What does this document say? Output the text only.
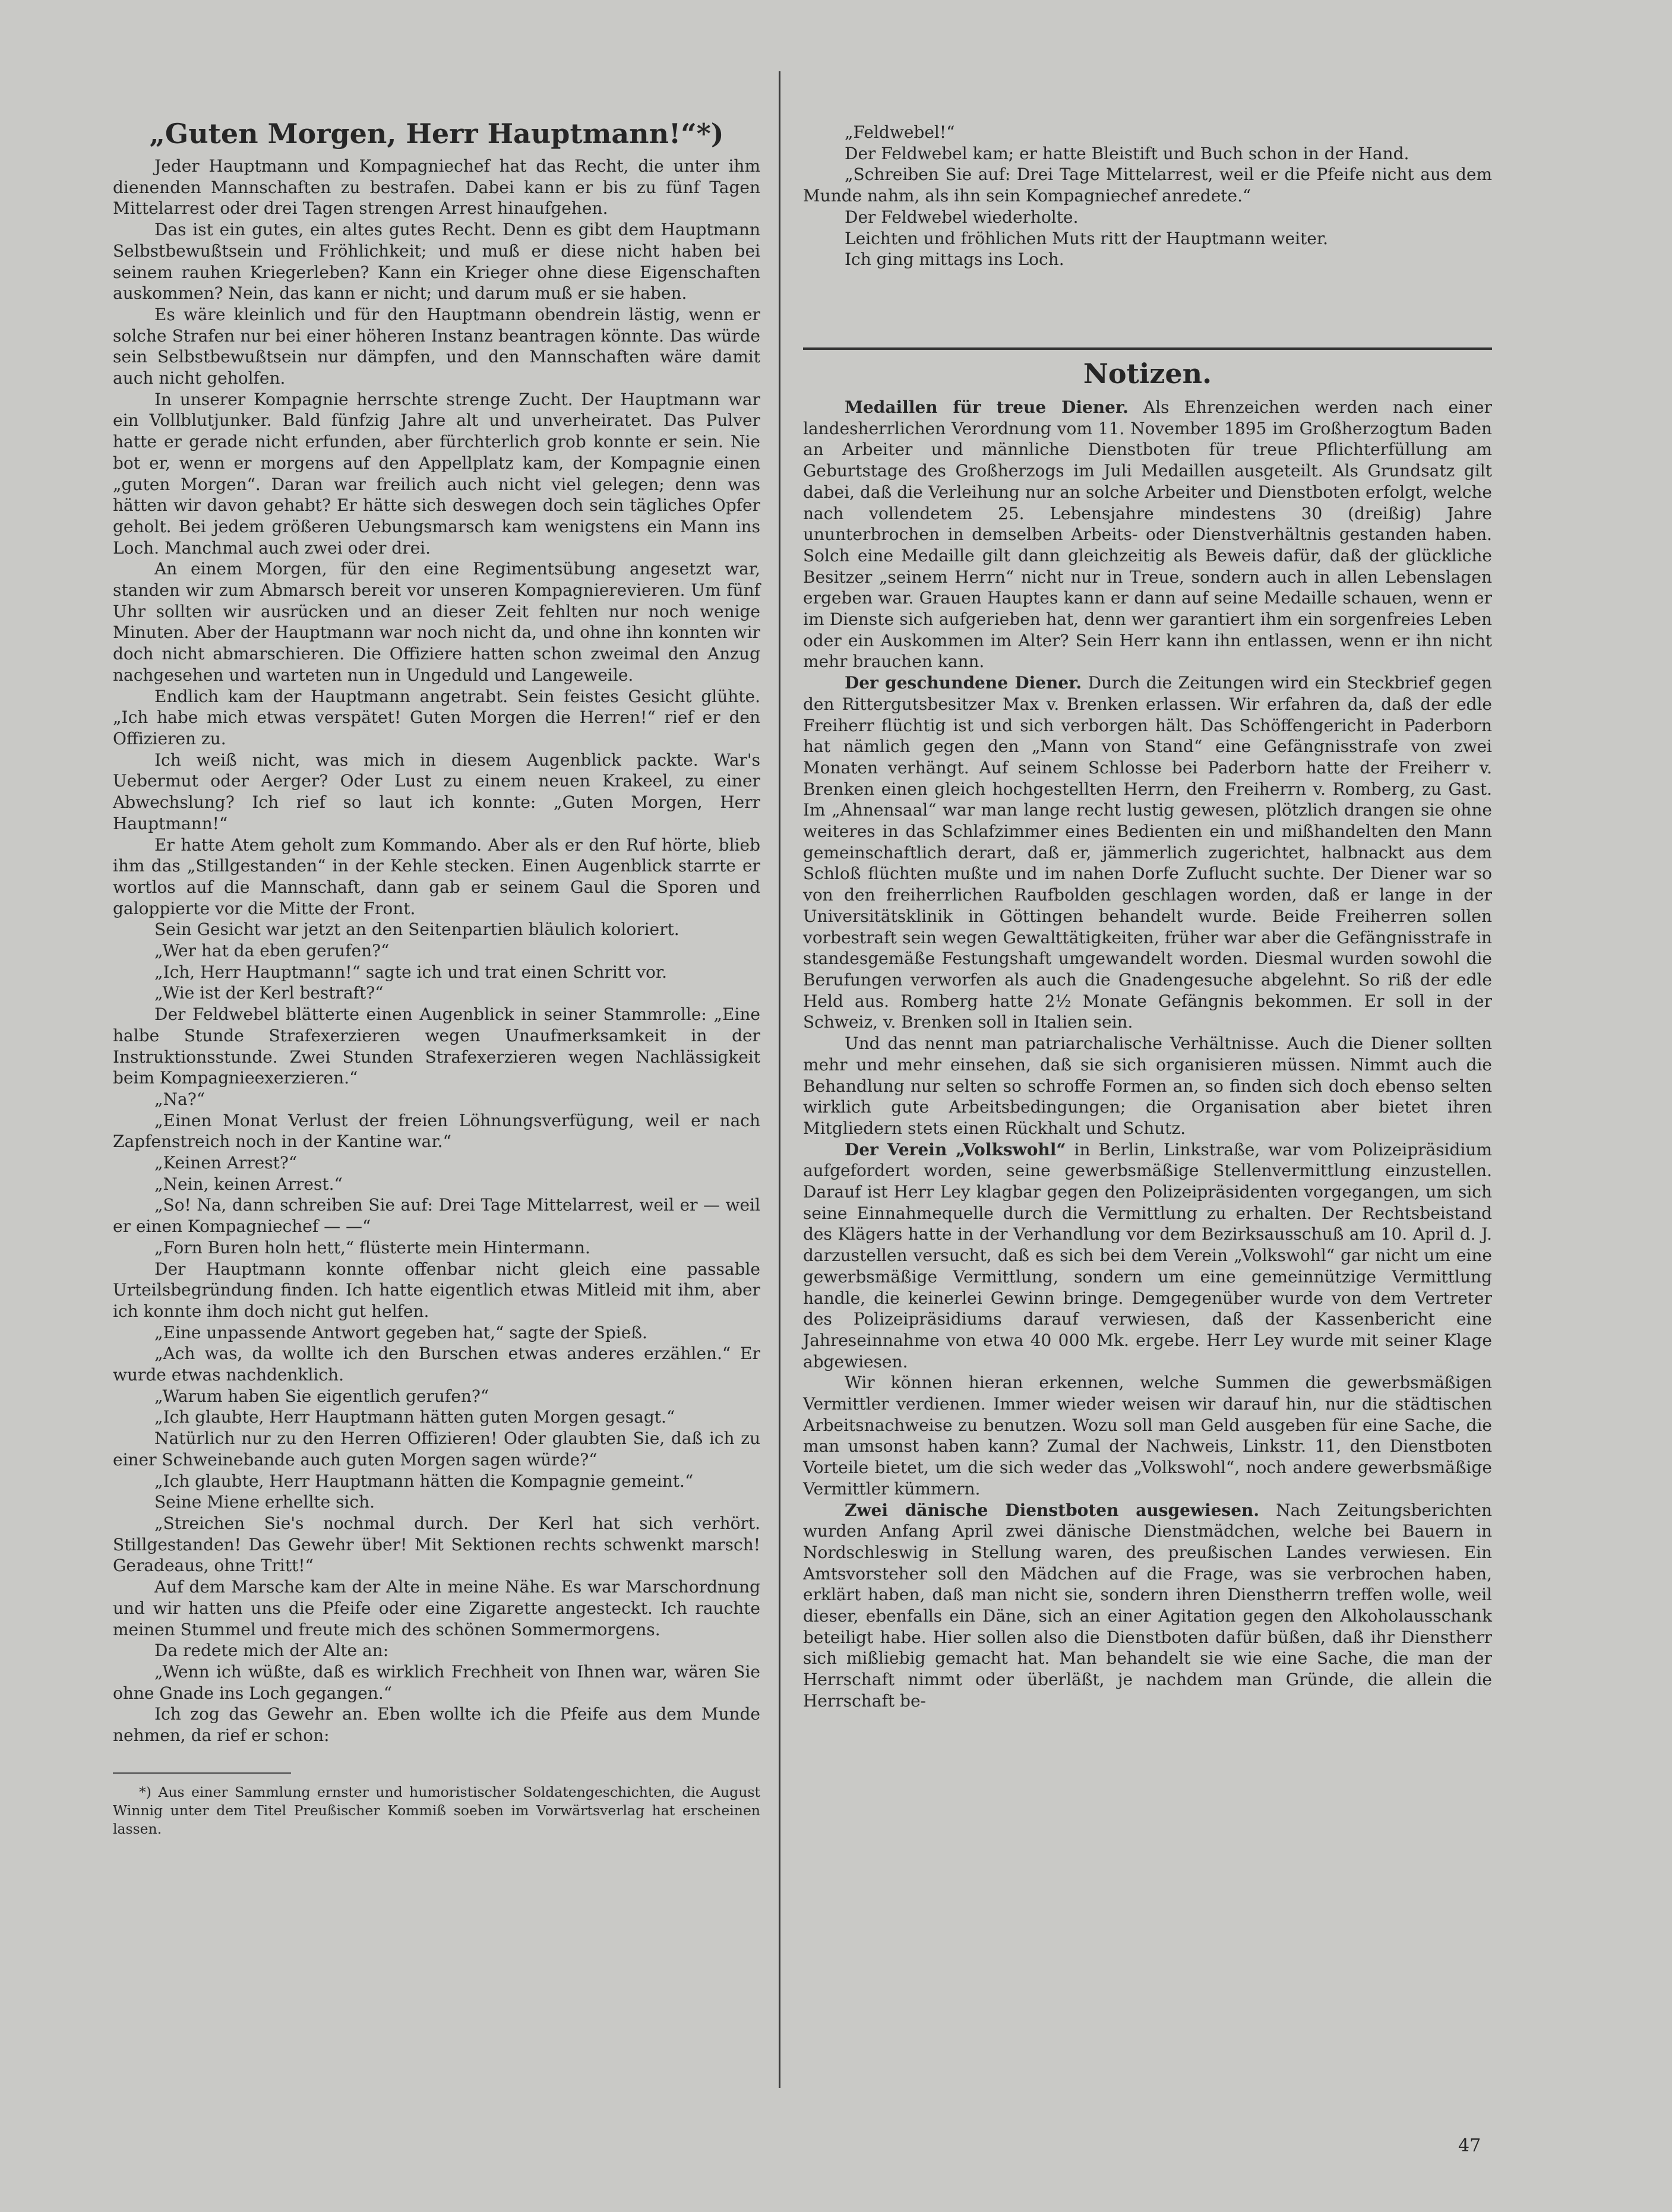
„Guten Morgen, Herr Hauptmann!“*)

Jeder Hauptmann und Kompagniechef hat das Recht, die unter ihm dienenden Mannschaften zu bestrafen. Dabei kann er bis zu fünf Tagen Mittelarrest oder drei Tagen strengen Arrest hinaufgehen.

Das ist ein gutes, ein altes gutes Recht. Denn es gibt dem Hauptmann Selbstbewußtsein und Fröhlichkeit; und muß er diese nicht haben bei seinem rauhen Kriegerleben? Kann ein Krieger ohne diese Eigenschaften auskommen? Nein, das kann er nicht; und darum muß er sie haben.

Es wäre kleinlich und für den Hauptmann obendrein lästig, wenn er solche Strafen nur bei einer höheren Instanz beantragen könnte. Das würde sein Selbstbewußtsein nur dämpfen, und den Mannschaften wäre damit auch nicht geholfen.

In unserer Kompagnie herrschte strenge Zucht. Der Hauptmann war ein Vollblutjunker. Bald fünfzig Jahre alt und unverheiratet. Das Pulver hatte er gerade nicht erfunden, aber fürchterlich grob konnte er sein. Nie bot er, wenn er morgens auf den Appellplatz kam, der Kompagnie einen „guten Morgen“. Daran war freilich auch nicht viel gelegen; denn was hätten wir davon gehabt? Er hätte sich deswegen doch sein tägliches Opfer geholt. Bei jedem größeren Uebungsmarsch kam wenigstens ein Mann ins Loch. Manchmal auch zwei oder drei.

An einem Morgen, für den eine Regimentsübung angesetzt war, standen wir zum Abmarsch bereit vor unseren Kompagnierevieren. Um fünf Uhr sollten wir ausrücken und an dieser Zeit fehlten nur noch wenige Minuten. Aber der Hauptmann war noch nicht da, und ohne ihn konnten wir doch nicht abmarschieren. Die Offiziere hatten schon zweimal den Anzug nachgesehen und warteten nun in Ungeduld und Langeweile.

Endlich kam der Hauptmann angetrabt. Sein feistes Gesicht glühte. „Ich habe mich etwas verspätet! Guten Morgen die Herren!“ rief er den Offizieren zu.

Ich weiß nicht, was mich in diesem Augenblick packte. War's Uebermut oder Aerger? Oder Lust zu einem neuen Krakeel, zu einer Abwechslung? Ich rief so laut ich konnte: „Guten Morgen, Herr Hauptmann!“

Er hatte Atem geholt zum Kommando. Aber als er den Ruf hörte, blieb ihm das „Stillgestanden“ in der Kehle stecken. Einen Augenblick starrte er wortlos auf die Mannschaft, dann gab er seinem Gaul die Sporen und galoppierte vor die Mitte der Front.

Sein Gesicht war jetzt an den Seitenpartien bläulich koloriert.

„Wer hat da eben gerufen?“

„Ich, Herr Hauptmann!“ sagte ich und trat einen Schritt vor.

„Wie ist der Kerl bestraft?“

Der Feldwebel blätterte einen Augenblick in seiner Stammrolle: „Eine halbe Stunde Strafexerzieren wegen Unaufmerksamkeit in der Instruktionsstunde. Zwei Stunden Strafexerzieren wegen Nachlässigkeit beim Kompagnieexerzieren.“

„Na?“

„Einen Monat Verlust der freien Löhnungsverfügung, weil er nach Zapfenstreich noch in der Kantine war.“

„Keinen Arrest?“

„Nein, keinen Arrest.“

„So! Na, dann schreiben Sie auf: Drei Tage Mittelarrest, weil er — weil er einen Kompagniechef — —“

„Forn Buren holn hett,“ flüsterte mein Hintermann.

Der Hauptmann konnte offenbar nicht gleich eine passable Urteilsbegründung finden. Ich hatte eigentlich etwas Mitleid mit ihm, aber ich konnte ihm doch nicht gut helfen.

„Eine unpassende Antwort gegeben hat,“ sagte der Spieß.

„Ach was, da wollte ich den Burschen etwas anderes erzählen.“ Er wurde etwas nachdenklich.

„Warum haben Sie eigentlich gerufen?“

„Ich glaubte, Herr Hauptmann hätten guten Morgen gesagt.“

Natürlich nur zu den Herren Offizieren! Oder glaubten Sie, daß ich zu einer Schweinebande auch guten Morgen sagen würde?“

„Ich glaubte, Herr Hauptmann hätten die Kompagnie gemeint.“

Seine Miene erhellte sich.

„Streichen Sie's nochmal durch. Der Kerl hat sich verhört. Stillgestanden! Das Gewehr über! Mit Sektionen rechts schwenkt marsch! Geradeaus, ohne Tritt!“

Auf dem Marsche kam der Alte in meine Nähe. Es war Marschordnung und wir hatten uns die Pfeife oder eine Zigarette angesteckt. Ich rauchte meinen Stummel und freute mich des schönen Sommermorgens.

Da redete mich der Alte an:

„Wenn ich wüßte, daß es wirklich Frechheit von Ihnen war, wären Sie ohne Gnade ins Loch gegangen.“

Ich zog das Gewehr an. Eben wollte ich die Pfeife aus dem Munde nehmen, da rief er schon:

*) Aus einer Sammlung ernster und humoristischer Soldatengeschichten, die August Winnig unter dem Titel Preußischer Kommiß soeben im Vorwärtsverlag hat erscheinen lassen.

„Feldwebel!“

Der Feldwebel kam; er hatte Bleistift und Buch schon in der Hand.

„Schreiben Sie auf: Drei Tage Mittelarrest, weil er die Pfeife nicht aus dem Munde nahm, als ihn sein Kompagniechef anredete.“

Der Feldwebel wiederholte.

Leichten und fröhlichen Muts ritt der Hauptmann weiter.

Ich ging mittags ins Loch.

Notizen.

Medaillen für treue Diener. Als Ehrenzeichen werden nach einer landesherrlichen Verordnung vom 11. November 1895 im Großherzogtum Baden an Arbeiter und männliche Dienstboten für treue Pflichterfüllung am Geburtstage des Großherzogs im Juli Medaillen ausgeteilt. Als Grundsatz gilt dabei, daß die Verleihung nur an solche Arbeiter und Dienstboten erfolgt, welche nach vollendetem 25. Lebensjahre mindestens 30 (dreißig) Jahre ununterbrochen in demselben Arbeits- oder Dienstverhältnis gestanden haben. Solch eine Medaille gilt dann gleichzeitig als Beweis dafür, daß der glückliche Besitzer „seinem Herrn“ nicht nur in Treue, sondern auch in allen Lebenslagen ergeben war. Grauen Hauptes kann er dann auf seine Medaille schauen, wenn er im Dienste sich aufgerieben hat, denn wer garantiert ihm ein sorgenfreies Leben oder ein Auskommen im Alter? Sein Herr kann ihn entlassen, wenn er ihn nicht mehr brauchen kann.

Der geschundene Diener. Durch die Zeitungen wird ein Steckbrief gegen den Rittergutsbesitzer Max v. Brenken erlassen. Wir erfahren da, daß der edle Freiherr flüchtig ist und sich verborgen hält. Das Schöffengericht in Paderborn hat nämlich gegen den „Mann von Stand“ eine Gefängnisstrafe von zwei Monaten verhängt. Auf seinem Schlosse bei Paderborn hatte der Freiherr v. Brenken einen gleich hochgestellten Herrn, den Freiherrn v. Romberg, zu Gast. Im „Ahnensaal“ war man lange recht lustig gewesen, plötzlich drangen sie ohne weiteres in das Schlafzimmer eines Bedienten ein und mißhandelten den Mann gemeinschaftlich derart, daß er, jämmerlich zugerichtet, halbnackt aus dem Schloß flüchten mußte und im nahen Dorfe Zuflucht suchte. Der Diener war so von den freiherrlichen Raufbolden geschlagen worden, daß er lange in der Universitätsklinik in Göttingen behandelt wurde. Beide Freiherren sollen vorbestraft sein wegen Gewalttätigkeiten, früher war aber die Gefängnisstrafe in standesgemäße Festungshaft umgewandelt worden. Diesmal wurden sowohl die Berufungen verworfen als auch die Gnadengesuche abgelehnt. So riß der edle Held aus. Romberg hatte 2½ Monate Gefängnis bekommen. Er soll in der Schweiz, v. Brenken soll in Italien sein.

Und das nennt man patriarchalische Verhältnisse. Auch die Diener sollten mehr und mehr einsehen, daß sie sich organisieren müssen. Nimmt auch die Behandlung nur selten so schroffe Formen an, so finden sich doch ebenso selten wirklich gute Arbeitsbedingungen; die Organisation aber bietet ihren Mitgliedern stets einen Rückhalt und Schutz.

Der Verein „Volkswohl“ in Berlin, Linkstraße, war vom Polizeipräsidium aufgefordert worden, seine gewerbsmäßige Stellenvermittlung einzustellen. Darauf ist Herr Ley klagbar gegen den Polizeipräsidenten vorgegangen, um sich seine Einnahmequelle durch die Vermittlung zu erhalten. Der Rechtsbeistand des Klägers hatte in der Verhandlung vor dem Bezirksausschuß am 10. April d. J. darzustellen versucht, daß es sich bei dem Verein „Volkswohl“ gar nicht um eine gewerbsmäßige Vermittlung, sondern um eine gemeinnützige Vermittlung handle, die keinerlei Gewinn bringe. Demgegenüber wurde von dem Vertreter des Polizeipräsidiums darauf verwiesen, daß der Kassenbericht eine Jahreseinnahme von etwa 40 000 Mk. ergebe. Herr Ley wurde mit seiner Klage abgewiesen.

Wir können hieran erkennen, welche Summen die gewerbsmäßigen Vermittler verdienen. Immer wieder weisen wir darauf hin, nur die städtischen Arbeitsnachweise zu benutzen. Wozu soll man Geld ausgeben für eine Sache, die man umsonst haben kann? Zumal der Nachweis, Linkstr. 11, den Dienstboten Vorteile bietet, um die sich weder das „Volkswohl“, noch andere gewerbsmäßige Vermittler kümmern.

Zwei dänische Dienstboten ausgewiesen. Nach Zeitungsberichten wurden Anfang April zwei dänische Dienstmädchen, welche bei Bauern in Nordschleswig in Stellung waren, des preußischen Landes verwiesen. Ein Amtsvorsteher soll den Mädchen auf die Frage, was sie verbrochen haben, erklärt haben, daß man nicht sie, sondern ihren Dienstherrn treffen wolle, weil dieser, ebenfalls ein Däne, sich an einer Agitation gegen den Alkoholausschank beteiligt habe. Hier sollen also die Dienstboten dafür büßen, daß ihr Dienstherr sich mißliebig gemacht hat. Man behandelt sie wie eine Sache, die man der Herrschaft nimmt oder überläßt, je nachdem man Gründe, die allein die Herrschaft be-

47
